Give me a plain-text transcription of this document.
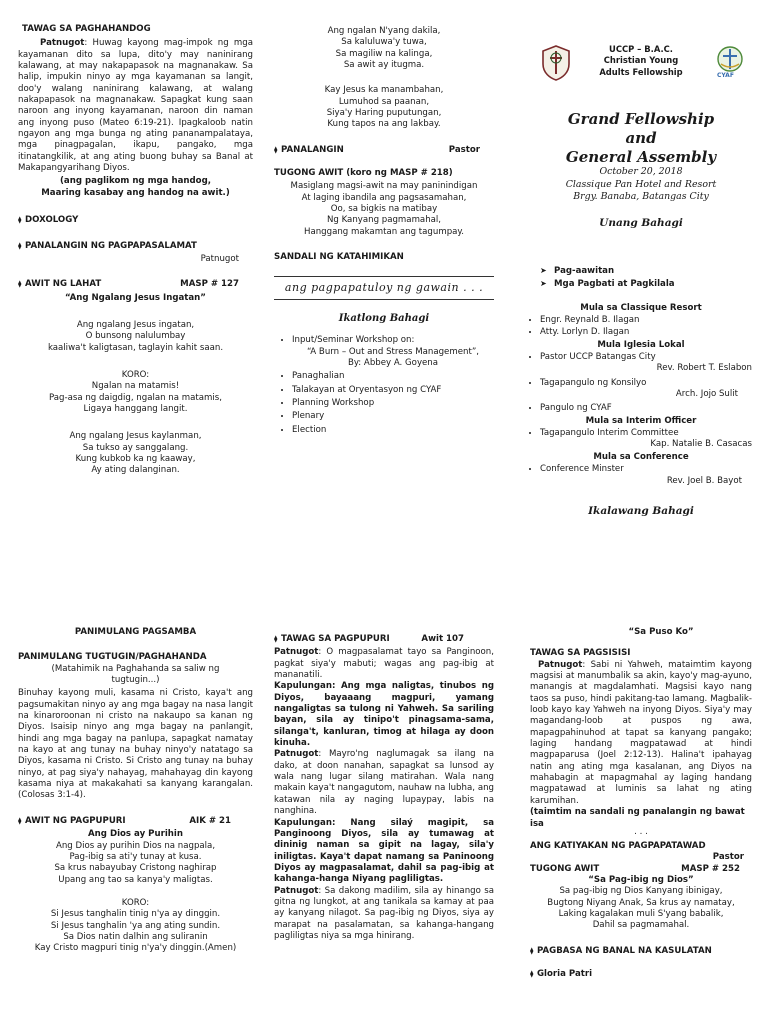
TAWAG SA PAGHAHANDOG

Patnugot: Huwag kayong mag-impok ng mga kayamanan dito sa lupa, dito'y may naninirang kalawang, at may nakapapasok na magnanakaw. Sa halip, impukin ninyo ay mga kayamanan sa langit, doo'y walang naninirang kalawang, at walang nakapapasok na magnanakaw. Sapagkat kung saan naroon ang inyong kayamanan, naroon din naman ang inyong puso (Mateo 6:19-21). Ipagkaloob natin ngayon ang mga bunga ng ating pananampalataya, mga pinagpagalan, ikapu, pangako, mga itinatangkilik, at ang ating buong buhay sa Banal at Makapangyarihang Diyos.

(ang paglikom ng mga handog,

Maaring kasabay ang handog na awit.)

⧫ DOXOLOGY

⧫ PANALANGIN NG PAGPAPASALAMAT

Patnugot

⧫ AWIT NG LAHAT	MASP # 127

“Ang Ngalang Jesus Ingatan”

Ang ngalang Jesus ingatan,

O bunsong nalulumbay

kaaliwa't kaligtasan, taglayin kahit saan.

KORO:

Ngalan na matamis!

Pag-asa ng daigdig, ngalan na matamis,

Ligaya hanggang langit.

Ang ngalang Jesus kaylanman,

Sa tukso ay sanggalang.

Kung kubkob ka ng kaaway,

Ay ating dalanginan.

Ang ngalan N'yang dakila,

Sa kaluluwa'y tuwa,

Sa magiliw na kalinga,

Sa awit ay itugma.

Kay Jesus ka manambahan,

Lumuhod sa paanan,

Siya'y Haring puputungan,

Kung tapos na ang lakbay.

⧫ PANALANGIN	Pastor

TUGONG AWIT (koro ng MASP # 218)

Masiglang magsi-awit na may paninindigan

At laging ibandila ang pagsasamahan,

Oo, sa bigkis na matibay

Ng Kanyang pagmamahal,

Hanggang makamtan ang tagumpay.

SANDALI NG KATAHIMIKAN

ang pagpapatuloy ng gawain . . .

Ikatlong Bahagi

• Input/Seminar Workshop on:

“A Burn – Out and Stress Management”,

By: Abbey A. Goyena

• Panaghalian
• Talakayan at Oryentasyon ng CYAF
• Planning Workshop
• Plenary
• Election

UCCP – B.A.C.

Christian Young

Adults Fellowship	CYAF

Grand Fellowship

and

General Assembly

October 20, 2018

Classique Pan Hotel and Resort

Brgy. Banaba, Batangas City

Unang Bahagi

➤ Pag-aawitan
➤ Mga Pagbati at Pagkilala

Mula sa Classique Resort

• Engr. Reynald B. Ilagan
• Atty. Lorlyn D. Ilagan

Mula Iglesia Lokal

• Pastor UCCP Batangas City

Rev. Robert T. Eslabon

• Tagapangulo ng Konsilyo

Arch. Jojo Sulit

• Pangulo ng CYAF

Mula sa Interim Officer

• Tagapangulo Interim Committee

Kap. Natalie B. Casacas

Mula sa Conference

• Conference Minster

Rev. Joel B. Bayot

Ikalawang Bahagi

PANIMULANG PAGSAMBA

PANIMULANG TUGTUGIN/PAGHAHANDA

(Matahimik na Paghahanda sa saliw ng tugtugin...)

Binuhay kayong muli, kasama ni Cristo, kaya't ang pagsumakitan ninyo ay ang mga bagay na nasa langit na kinaroroonan ni cristo na nakaupo sa kanan ng Diyos. Isaisip ninyo ang mga bagay na panlangit, hindi ang mga bagay na panlupa, sapagkat namatay na kayo at ang tunay na buhay ninyo'y natatago sa Diyos, kasama ni Cristo. Si Cristo ang tunay na buhay ninyo, at pag siya'y nahayag, mahahayag din kayong kasama niya at makakahati sa kanyang karangalan. (Colosas 3:1-4).

⧫ AWIT NG PAGPUPURI	AIK # 21

Ang Dios ay Purihin

Ang Dios ay purihin Dios na nagpala,

Pag-ibig sa ati'y tunay at kusa.

Sa krus nabayubay Cristong naghirap

Upang ang tao sa kanya'y maligtas.

KORO:

Si Jesus tanghalin tinig n'ya ay dinggin.

Si Jesus tanghalin 'ya ang ating sundin.

Sa Dios natin dalhin ang suliranin

Kay Cristo magpuri tinig n'ya'y dinggin.(Amen)

⧫ TAWAG SA PAGPUPURI	Awit 107

Patnugot: O magpasalamat tayo sa Panginoon, pagkat siya'y mabuti; wagas ang pag-ibig at mananatili.

Kapulungan: Ang mga naligtas, tinubos ng Diyos, bayaaang magpuri, yamang nangaligtas sa tulong ni Yahweh. Sa sariling bayan, sila ay tinipo't pinagsama-sama, silanga't, kanluran, timog at hilaga ay doon kinuha.

Patnugot: Mayro'ng naglumagak sa ilang na dako, at doon nanahan, sapagkat sa lunsod ay wala nang lugar silang matirahan. Wala nang makain kaya't nangagutom, nauhaw na lubha, ang katawan nila ay naging lupaypay, labis na nanghina.

Kapulungan: Nang silaý magipit, sa Panginoong Diyos, sila ay tumawag at dininig naman sa gipit na lagay, sila'y iniligtas. Kaya't dapat namang sa Paninoong Diyos ay magpasalamat, dahil sa pag-ibig at kahanga-hanga Niyang pagliligtas.

Patnugot: Sa dakong madilim, sila ay hinango sa gitna ng lungkot, at ang tanikala sa kamay at paa ay kanyang nilagot. Sa pag-ibig ng Diyos, siya ay marapat na pasalamatan, sa kahanga-hangang pagliligtas niya sa mga hinirang.

“Sa Puso Ko”

TAWAG SA PAGSISISI

Patnugot: Sabi ni Yahweh, mataimtim kayong magsisi at manumbalik sa akin, kayo'y mag-ayuno, manangis at magdalamhati. Magsisi kayo nang taos sa puso, hindi pakitang-tao lamang. Magbalik-loob kayo kay Yahweh na inyong Diyos. Siya'y may magandang-loob at puspos ng awa, mapagpahinuhod at tapat sa kanyang pangako; laging handang magpatawad at hindi magpaparusa (Joel 2:12-13). Halina't ipahayag natin ang ating mga kasalanan, ang Diyos na mahabagin at mapagmahal ay laging handang magpatawad at luminis sa lahat ng ating karumihan.

(taimtim na sandali ng panalangin ng bawat isa

. . .

ANG KATIYAKAN NG PAGPAPATAWAD

Pastor

TUGONG AWIT	MASP # 252

“Sa Pag-ibig ng Dios”

Sa pag-ibig ng Dios Kanyang ibinigay,

Bugtong Niyang Anak, Sa krus ay namatay,

Laking kagalakan muli S'yang babalik,

Dahil sa pagmamahal.

⧫ PAGBASA NG BANAL NA KASULATAN

⧫ Gloria Patri
